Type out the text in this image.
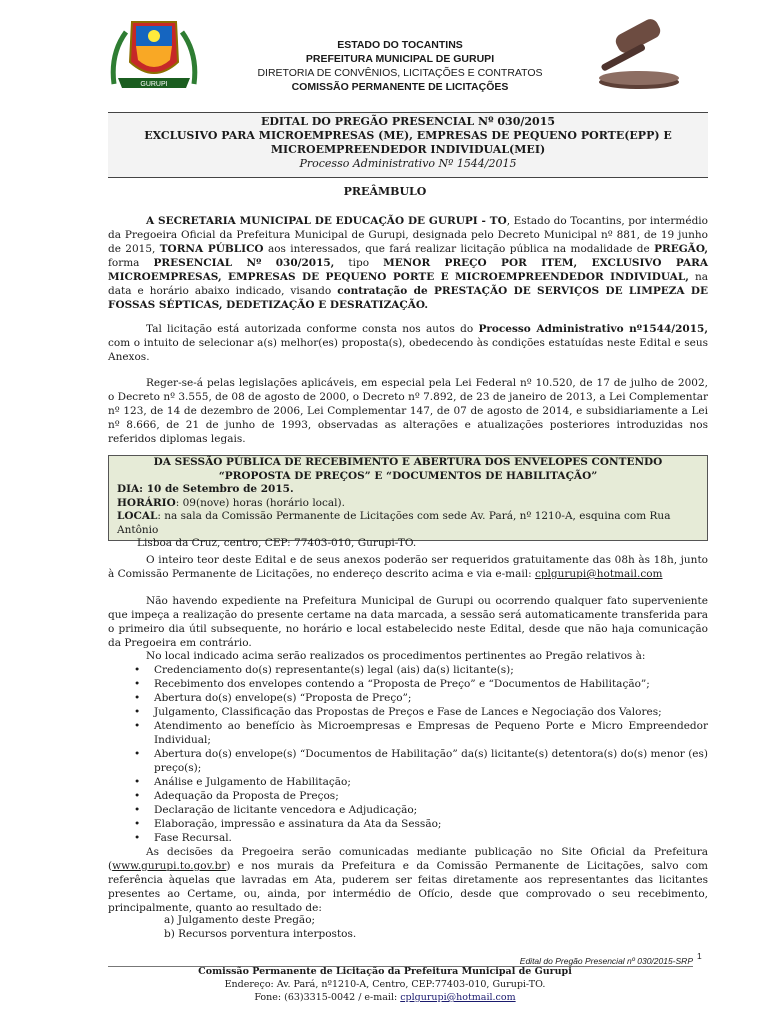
GURUPI
ESTADO DO TOCANTINS
PREFEITURA MUNICIPAL DE GURUPI
DIRETORIA DE CONVÊNIOS, LICITAÇÕES E CONTRATOS
COMISSÃO PERMANENTE DE LICITAÇÕES
EDITAL DO PREGÃO PRESENCIAL Nº 030/2015
EXCLUSIVO PARA MICROEMPRESAS (ME), EMPRESAS DE PEQUENO PORTE(EPP) E
MICROEMPREENDEDOR INDIVIDUAL(MEI)
Processo Administrativo Nº 1544/2015
PREÂMBULO

A SECRETARIA MUNICIPAL DE EDUCAÇÃO DE GURUPI - TO, Estado do Tocantins, por intermédio da Pregoeira Oficial da Prefeitura Municipal de Gurupi, designada pelo Decreto Municipal nº 881, de 19 junho de 2015, TORNA PÚBLICO aos interessados, que fará realizar licitação pública na modalidade de PREGÃO, forma PRESENCIAL Nº 030/2015, tipo MENOR PREÇO POR ITEM, EXCLUSIVO PARA MICROEMPRESAS, EMPRESAS DE PEQUENO PORTE E MICROEMPREENDEDOR INDIVIDUAL, na data e horário abaixo indicado, visando contratação de PRESTAÇÃO DE SERVIÇOS DE LIMPEZA DE FOSSAS SÉPTICAS, DEDETIZAÇÃO E DESRATIZAÇÃO.

Tal licitação está autorizada conforme consta nos autos do Processo Administrativo nº1544/2015, com o intuito de selecionar a(s) melhor(es) proposta(s), obedecendo às condições estatuídas neste Edital e seus Anexos.

Reger-se-á pelas legislações aplicáveis, em especial pela Lei Federal nº 10.520, de 17 de julho de 2002, o Decreto nº 3.555, de 08 de agosto de 2000, o Decreto nº 7.892, de 23 de janeiro de 2013, a Lei Complementar nº 123, de 14 de dezembro de 2006, Lei Complementar 147, de 07 de agosto de 2014, e subsidiariamente a Lei nº 8.666, de 21 de junho de 1993, observadas as alterações e atualizações posteriores introduzidas nos referidos diplomas legais.

DA SESSÃO PÚBLICA DE RECEBIMENTO E ABERTURA DOS ENVELOPES CONTENDO
“PROPOSTA DE PREÇOS” E “DOCUMENTOS DE HABILITAÇÃO”
DIA: 10 de Setembro de 2015.
HORÁRIO: 09(nove) horas (horário local).
LOCAL: na sala da Comissão Permanente de Licitações com sede Av. Pará, nº 1210-A, esquina com Rua Antônio
Lisboa da Cruz, centro, CEP: 77403-010, Gurupi-TO.

O inteiro teor deste Edital e de seus anexos poderão ser requeridos gratuitamente das 08h às 18h, junto à Comissão Permanente de Licitações, no endereço descrito acima e via e-mail: cplgurupi@hotmail.com

Não havendo expediente na Prefeitura Municipal de Gurupi ou ocorrendo qualquer fato superveniente que impeça a realização do presente certame na data marcada, a sessão será automaticamente transferida para o primeiro dia útil subsequente, no horário e local estabelecido neste Edital, desde que não haja comunicação da Pregoeira em contrário.

No local indicado acima serão realizados os procedimentos pertinentes ao Pregão relativos à:

• Credenciamento do(s) representante(s) legal (ais) da(s) licitante(s);
• Recebimento dos envelopes contendo a “Proposta de Preço” e “Documentos de Habilitação”;
• Abertura do(s) envelope(s) “Proposta de Preço”;
• Julgamento, Classificação das Propostas de Preços e Fase de Lances e Negociação dos Valores;
• Atendimento ao benefício às Microempresas e Empresas de Pequeno Porte e Micro Empreendedor Individual;
• Abertura do(s) envelope(s) “Documentos de Habilitação” da(s) licitante(s) detentora(s) do(s) menor (es) preço(s);
• Análise e Julgamento de Habilitação;
• Adequação da Proposta de Preços;
• Declaração de licitante vencedora e Adjudicação;
• Elaboração, impressão e assinatura da Ata da Sessão;
• Fase Recursal.

As decisões da Pregoeira serão comunicadas mediante publicação no Site Oficial da Prefeitura (www.gurupi.to.gov.br) e nos murais da Prefeitura e da Comissão Permanente de Licitações, salvo com referência àquelas que lavradas em Ata, puderem ser feitas diretamente aos representantes das licitantes presentes ao Certame, ou, ainda, por intermédio de Ofício, desde que comprovado o seu recebimento, principalmente, quanto ao resultado de:

a) Julgamento deste Pregão;
b) Recursos porventura interpostos.
Edital do Pregão Presencial nº 030/2015-SRP 1
Comissão Permanente de Licitação da Prefeitura Municipal de Gurupi
Endereço: Av. Pará, nº1210-A, Centro, CEP:77403-010, Gurupi-TO.
Fone: (63)3315-0042 / e-mail: cplgurupi@hotmail.com
